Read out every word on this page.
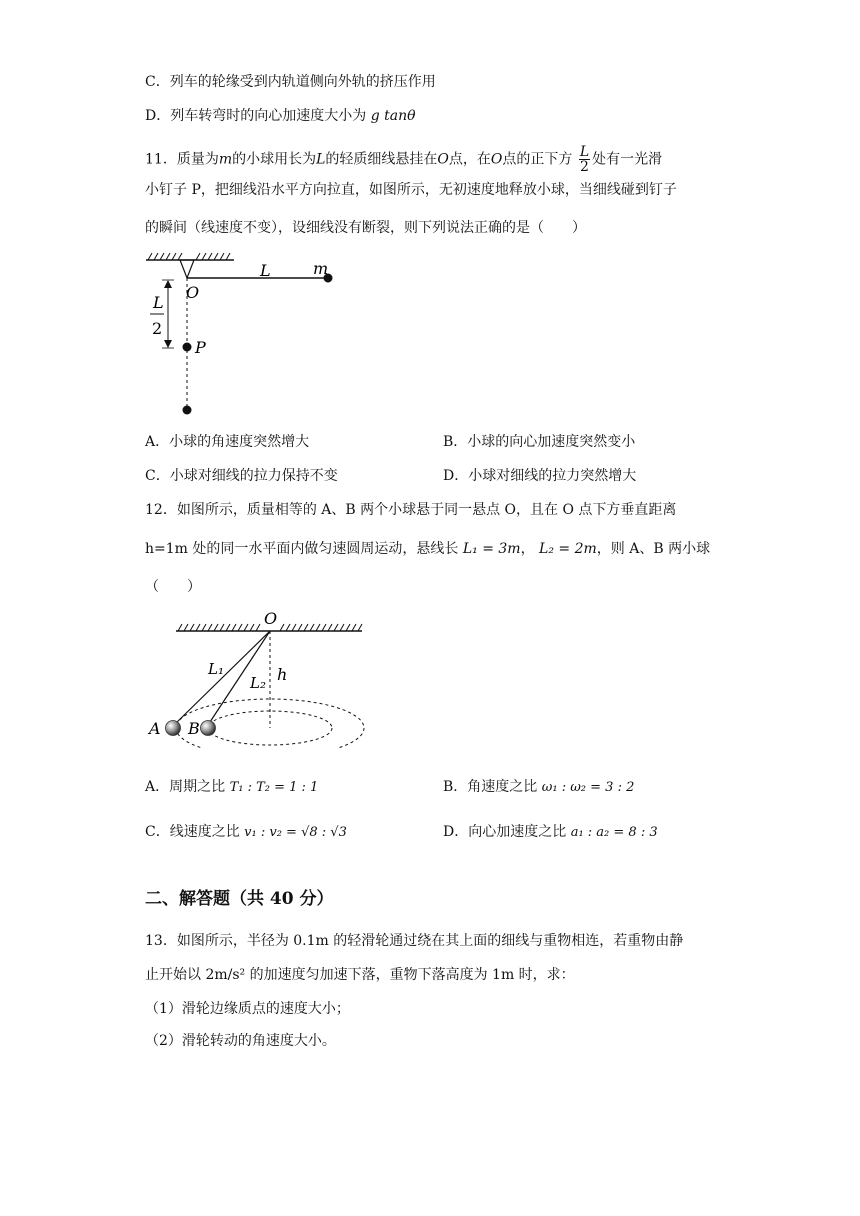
C．列车的轮缘受到内轨道侧向外轨的挤压作用
D．列车转弯时的向心加速度大小为 g tanθ
11．质量为m的小球用长为L的轻质细线悬挂在O点，在O点的正下方 $\frac{L}{2}$ 处有一光滑
小钉子 P，把细线沿水平方向拉直，如图所示，无初速度地释放小球，当细线碰到钉子
的瞬间（线速度不变），设细线没有断裂，则下列说法正确的是（　　）
L	m
O
P
L
2
A．小球的角速度突然增大	B．小球的向心加速度突然变小
C．小球对细线的拉力保持不变	D．小球对细线的拉力突然增大
12．如图所示，质量相等的 A、B 两个小球悬于同一悬点 O，且在 O 点下方垂直距离
h=1m 处的同一水平面内做匀速圆周运动，悬线长 L₁ = 3m， L₂ = 2m，则 A、B 两小球
（　　）
O
L₁
L₂ h
A B
A．周期之比 T₁ : T₂ = 1 : 1	B．角速度之比 ω₁ : ω₂ = 3 : 2
C．线速度之比 v₁ : v₂ = √8 : √3	D．向心加速度之比 a₁ : a₂ = 8 : 3
二、解答题（共 40 分）
13．如图所示，半径为 0.1m 的轻滑轮通过绕在其上面的细线与重物相连，若重物由静
止开始以 2m/s² 的加速度匀加速下落，重物下落高度为 1m 时，求：
（1）滑轮边缘质点的速度大小；
（2）滑轮转动的角速度大小。
